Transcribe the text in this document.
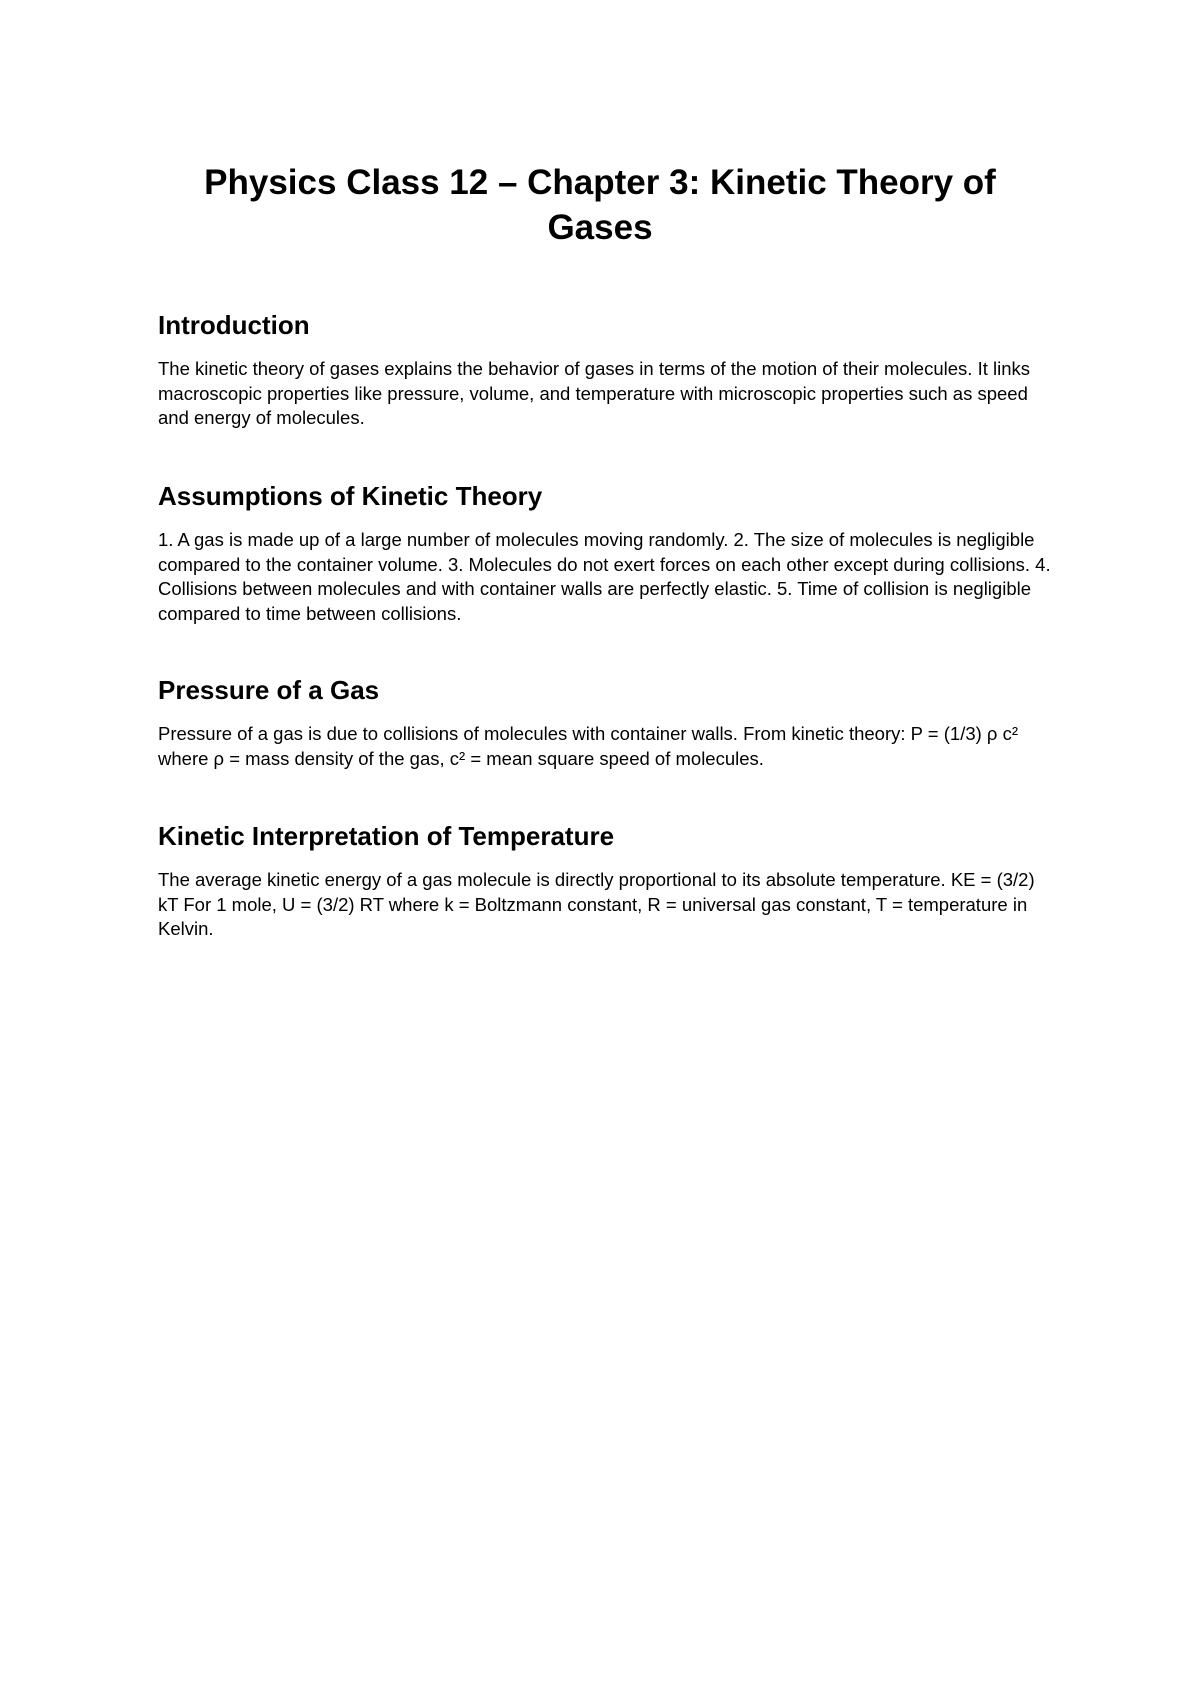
Physics Class 12 – Chapter 3: Kinetic Theory of Gases
Introduction

The kinetic theory of gases explains the behavior of gases in terms of the motion of their molecules. It links macroscopic properties like pressure, volume, and temperature with microscopic properties such as speed and energy of molecules.

Assumptions of Kinetic Theory

1. A gas is made up of a large number of molecules moving randomly. 2. The size of molecules is negligible compared to the container volume. 3. Molecules do not exert forces on each other except during collisions. 4. Collisions between molecules and with container walls are perfectly elastic. 5. Time of collision is negligible compared to time between collisions.

Pressure of a Gas

Pressure of a gas is due to collisions of molecules with container walls. From kinetic theory: P = (1/3) ρ c² where ρ = mass density of the gas, c² = mean square speed of molecules.

Kinetic Interpretation of Temperature

The average kinetic energy of a gas molecule is directly proportional to its absolute temperature. KE = (3/2) kT For 1 mole, U = (3/2) RT where k = Boltzmann constant, R = universal gas constant, T = temperature in Kelvin.
